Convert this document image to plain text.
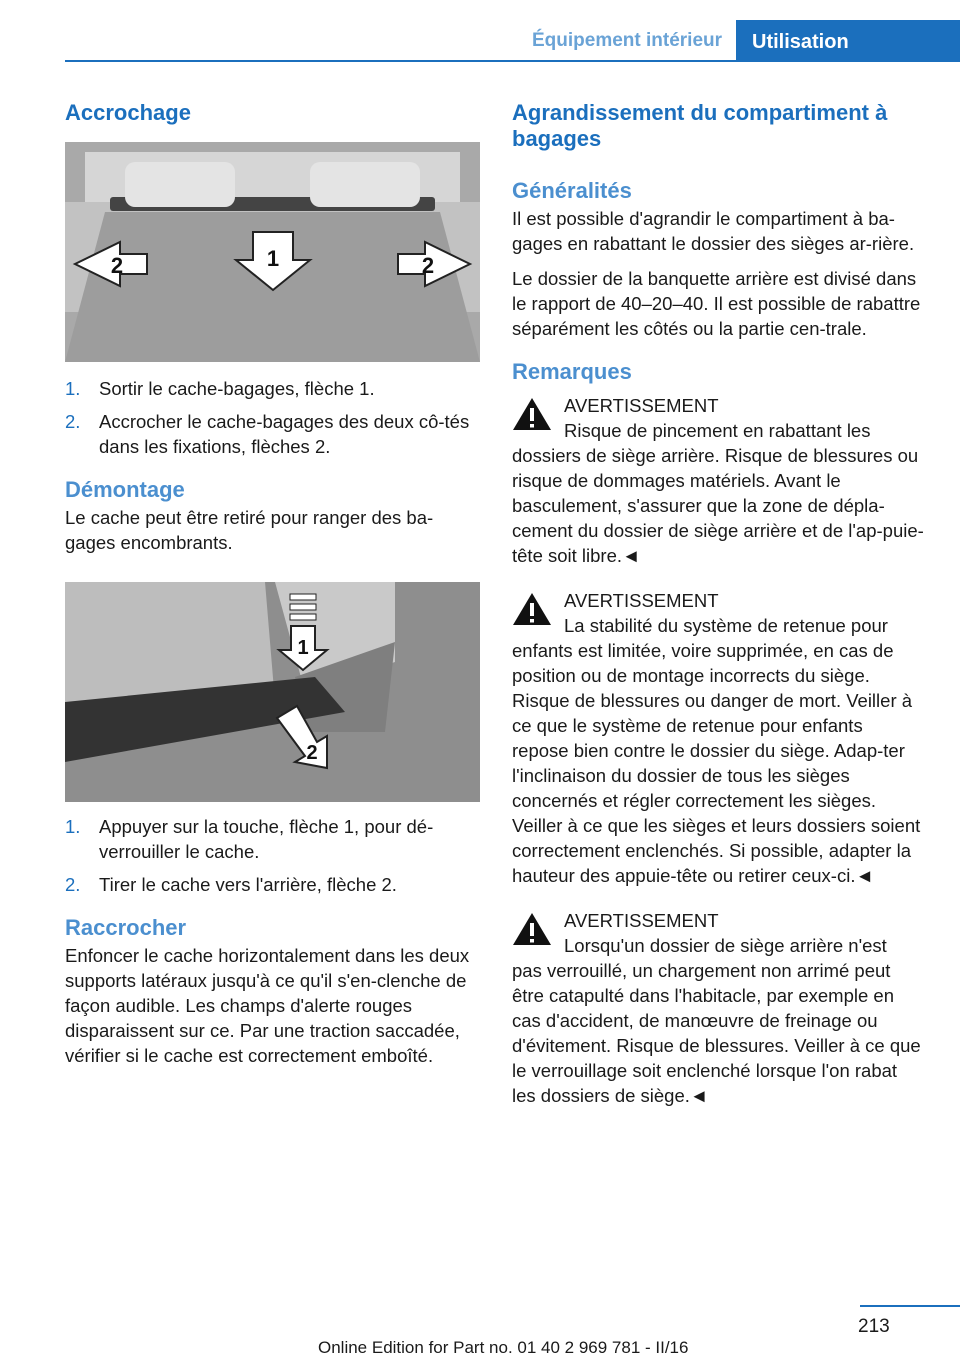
Équipement intérieur	Utilisation
Accrochage
2	1	2
1.	Sortir le cache-bagages, flèche 1.
2.	Accrocher le cache-bagages des deux cô-tés dans les fixations, flèches 2.
Démontage

Le cache peut être retiré pour ranger des ba-gages encombrants.

1
2
1.	Appuyer sur la touche, flèche 1, pour dé-verrouiller le cache.
2.	Tirer le cache vers l'arrière, flèche 2.
Raccrocher

Enfoncer le cache horizontalement dans les deux supports latéraux jusqu'à ce qu'il s'en-clenche de façon audible. Les champs d'alerte rouges disparaissent sur ce. Par une traction saccadée, vérifier si le cache est correctement emboîté.

Agrandissement du compartiment à bagages
Généralités

Il est possible d'agrandir le compartiment à ba-gages en rabattant le dossier des sièges ar-rière.

Le dossier de la banquette arrière est divisé dans le rapport de 40–20–40. Il est possible de rabattre séparément les côtés ou la partie cen-trale.

Remarques
AVERTISSEMENT
Risque de pincement en rabattant les
dossiers de siège arrière. Risque de blessures ou risque de dommages matériels. Avant le basculement, s'assurer que la zone de dépla-cement du dossier de siège arrière et de l'ap-puie-tête soit libre.◄
AVERTISSEMENT
La stabilité du système de retenue pour
enfants est limitée, voire supprimée, en cas de position ou de montage incorrects du siège. Risque de blessures ou danger de mort. Veiller à ce que le système de retenue pour enfants repose bien contre le dossier du siège. Adap-ter l'inclinaison du dossier de tous les sièges concernés et régler correctement les sièges. Veiller à ce que les sièges et leurs dossiers soient correctement enclenchés. Si possible, adapter la hauteur des appuie-tête ou retirer ceux-ci.◄
AVERTISSEMENT
Lorsqu'un dossier de siège arrière n'est
pas verrouillé, un chargement non arrimé peut être catapulté dans l'habitacle, par exemple en cas d'accident, de manœuvre de freinage ou d'évitement. Risque de blessures. Veiller à ce que le verrouillage soit enclenché lorsque l'on rabat les dossiers de siège.◄
213
Online Edition for Part no. 01 40 2 969 781 - II/16
